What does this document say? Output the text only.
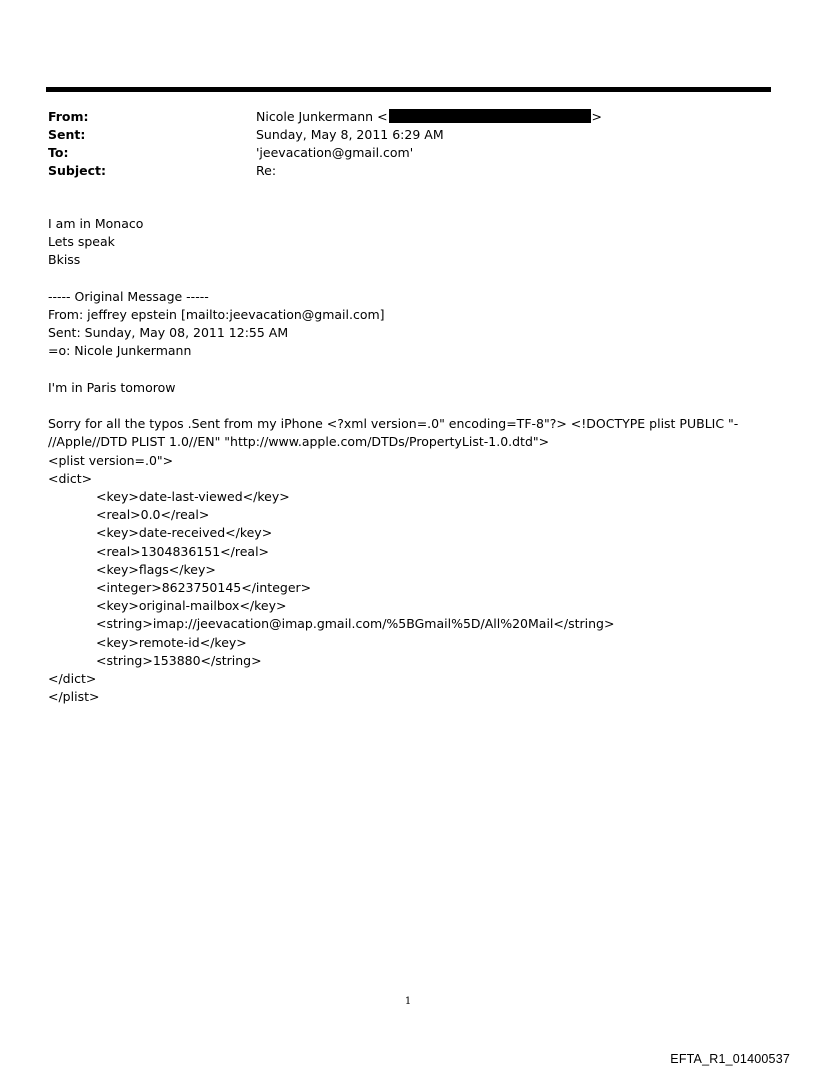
From:	Nicole Junkermann <	>
Sent:	Sunday, May 8, 2011 6:29 AM
To:	'jeevacation@gmail.com'
Subject:	Re:
I am in Monaco
Lets speak
Bkiss
----- Original Message -----
From: jeffrey epstein [mailto:jeevacation@gmail.com]
Sent: Sunday, May 08, 2011 12:55 AM
=o: Nicole Junkermann
I'm in Paris tomorow
Sorry for all the typos .Sent from my iPhone <?xml version=.0" encoding=TF-8"?> <!DOCTYPE plist PUBLIC "-
//Apple//DTD PLIST 1.0//EN" "http://www.apple.com/DTDs/PropertyList-1.0.dtd">
<plist version=.0">
<dict>
<key>date-last-viewed</key>
<real>0.0</real>
<key>date-received</key>
<real>1304836151</real>
<key>flags</key>
<integer>8623750145</integer>
<key>original-mailbox</key>
<string>imap://jeevacation@imap.gmail.com/%5BGmail%5D/All%20Mail</string>
<key>remote-id</key>
<string>153880</string>
</dict>
</plist>
1
EFTA_R1_01400537
